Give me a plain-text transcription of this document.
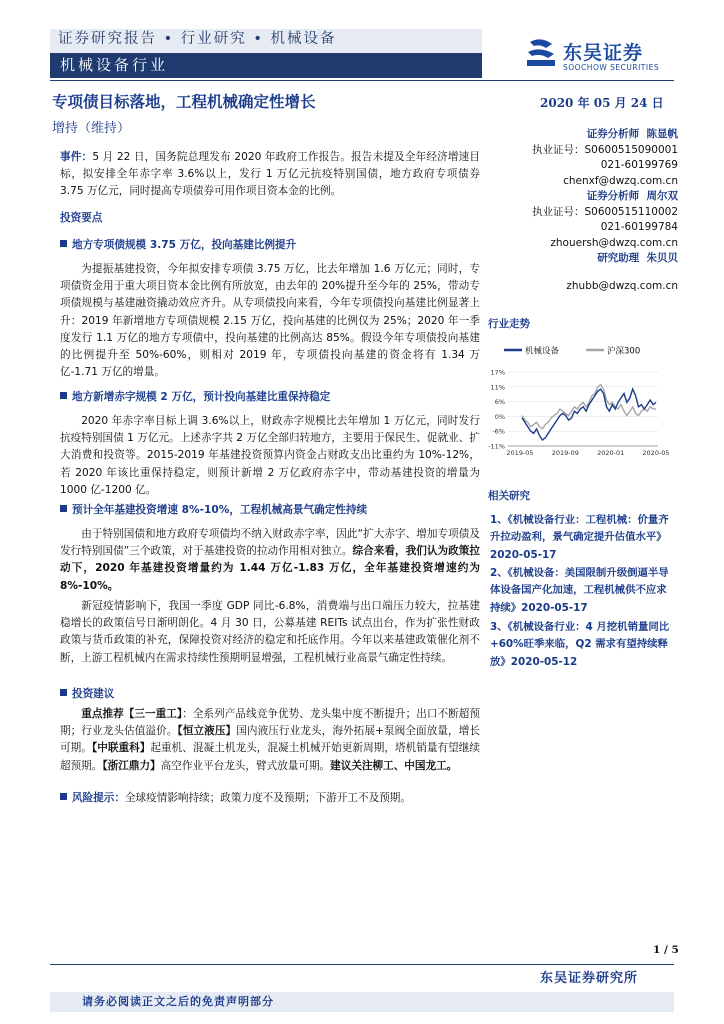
证券研究报告 • 行业研究 • 机械设备
机械设备行业
东吴证券
SOOCHOW SECURITIES
专项债目标落地，工程机械确定性增长	2020 年 05 月 24 日
增持（维持）
事件：5 月 22 日，国务院总理发布 2020 年政府工作报告。报告未提及全年经济增速目标，拟安排全年赤字率 3.6%以上，发行 1 万亿元抗疫特别国债，地方政府专项债券 3.75 万亿元，同时提高专项债券可用作项目资本金的比例。
投资要点
地方专项债规模 3.75 万亿，投向基建比例提升
为提振基建投资，今年拟安排专项债 3.75 万亿，比去年增加 1.6 万亿元；同时，专项债资金用于重大项目资本金比例有所放宽，由去年的 20%提升至今年的 25%，带动专项债规模与基建融资撬动效应齐升。从专项债投向来看，今年专项债投向基建比例显著上升：2019 年新增地方专项债规模 2.15 万亿，投向基建的比例仅为 25%；2020 年一季度发行 1.1 万亿的地方专项债中，投向基建的比例高达 85%。假设今年专项债投向基建的比例提升至 50%-60%，则相对 2019 年，专项债投向基建的资金将有 1.34 万亿-1.71 万亿的增量。
地方新增赤字规模 2 万亿，预计投向基建比重保持稳定
2020 年赤字率目标上调 3.6%以上，财政赤字规模比去年增加 1 万亿元，同时发行抗疫特别国债 1 万亿元。上述赤字共 2 万亿全部归转地方，主要用于保民生、促就业、扩大消费和投资等。2015-2019 年基建投资预算内资金占财政支出比重约为 10%-12%，若 2020 年该比重保持稳定，则预计新增 2 万亿政府赤字中，带动基建投资的增量为 1000 亿-1200 亿。
预计全年基建投资增速 8%-10%，工程机械高景气确定性持续
由于特别国债和地方政府专项债均不纳入财政赤字率，因此“扩大赤字、增加专项债及发行特别国债”三个政策，对于基建投资的拉动作用相对独立。综合来看，我们认为政策拉动下，2020 年基建投资增量约为 1.44 万亿-1.83 万亿，全年基建投资增速约为 8%-10%。
新冠疫情影响下，我国一季度 GDP 同比-6.8%，消费端与出口端压力较大，拉基建稳增长的政策信号日渐明朗化。4 月 30 日，公募基建 REITs 试点出台，作为扩张性财政政策与货币政策的补充，保障投资对经济的稳定和托底作用。今年以来基建政策催化剂不断，上游工程机械内在需求持续性预期明显增强，工程机械行业高景气确定性持续。
投资建议
重点推荐【三一重工】：全系列产品线竞争优势、龙头集中度不断提升；出口不断超预期；行业龙头估值溢价。【恒立液压】国内液压行业龙头，海外拓展+泵阀全面放量，增长可期。【中联重科】起重机、混凝土机龙头，混凝土机械开始更新周期，塔机销量有望继续超预期。【浙江鼎力】高空作业平台龙头，臂式放量可期。建议关注柳工、中国龙工。
风险提示：全球疫情影响持续；政策力度不及预期；下游开工不及预期。
证券分析师 陈显帆
执业证号：S0600515090001
021-60199769
chenxf@dwzq.com.cn
证券分析师 周尔双
执业证号：S0600515110002
021-60199784
zhouersh@dwzq.com.cn
研究助理 朱贝贝
zhubb@dwzq.com.cn
行业走势
机械设备	沪深300
17%
11%
6%
0%
-6%
-11%
2019-05	2019-09	2020-01	2020-05
相关研究
1、《机械设备行业：工程机械：价量齐升拉动盈利，景气确定提升估值水平》2020-05-17
2、《机械设备：美国限制升级倒逼半导体设备国产化加速，工程机械供不应求持续》2020-05-17
3、《机械设备行业：4 月挖机销量同比+60%旺季来临，Q2 需求有望持续释放》2020-05-12
1 / 5
东吴证券研究所
请务必阅读正文之后的免责声明部分
